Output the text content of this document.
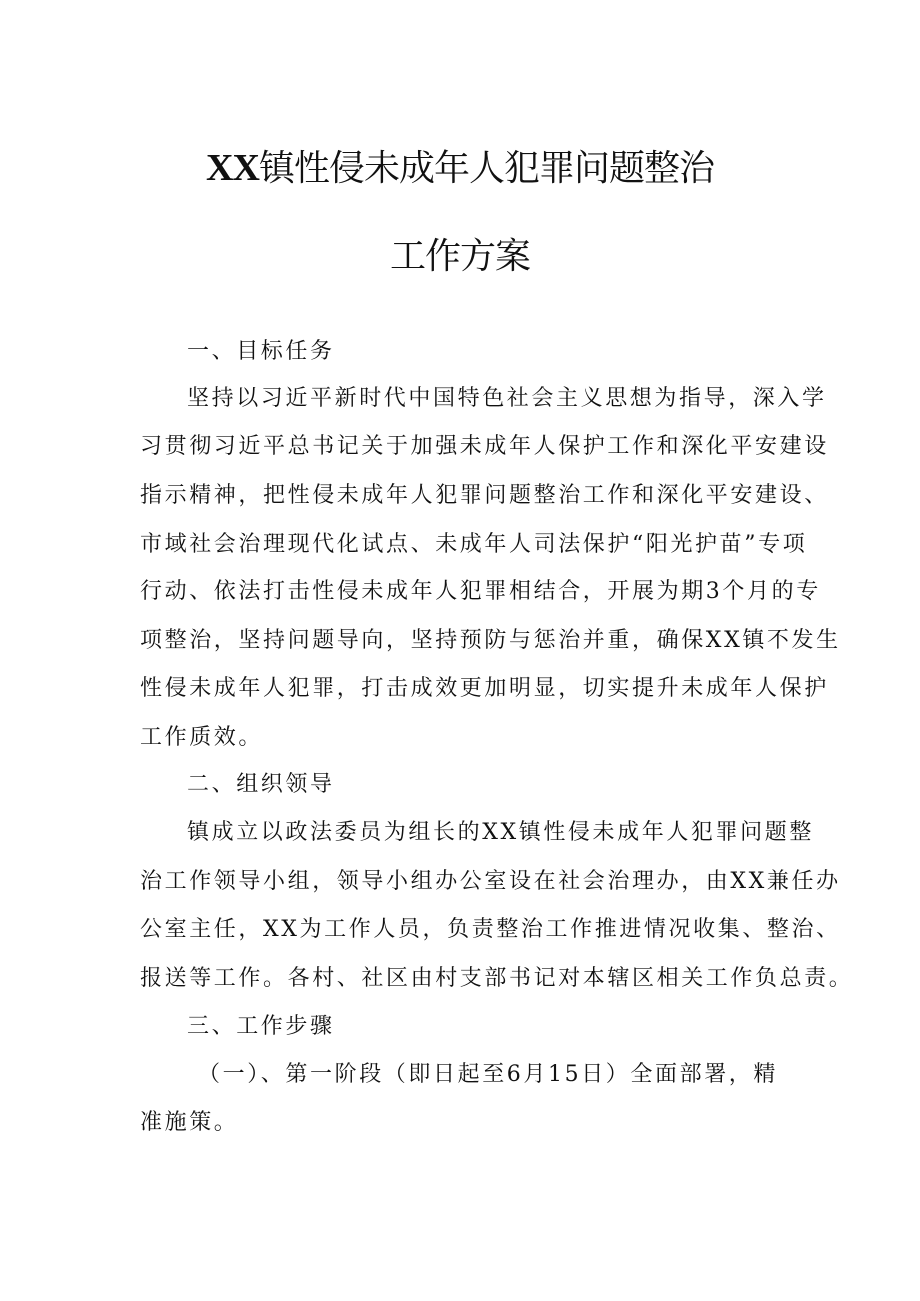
XX镇性侵未成年人犯罪问题整治
工作方案
一、目标任务
坚持以习近平新时代中国特色社会主义思想为指导，深入学
习贯彻习近平总书记关于加强未成年人保护工作和深化平安建设
指示精神，把性侵未成年人犯罪问题整治工作和深化平安建设、
市域社会治理现代化试点、未成年人司法保护“阳光护苗”专项
行动、依法打击性侵未成年人犯罪相结合，开展为期3个月的专
项整治，坚持问题导向，坚持预防与惩治并重，确保XX镇不发生
性侵未成年人犯罪，打击成效更加明显，切实提升未成年人保护
工作质效。
二、组织领导
镇成立以政法委员为组长的XX镇性侵未成年人犯罪问题整
治工作领导小组，领导小组办公室设在社会治理办，由XX兼任办
公室主任，XX为工作人员，负责整治工作推进情况收集、整治、
报送等工作。各村、社区由村支部书记对本辖区相关工作负总责。
三、工作步骤
（一）、第一阶段（即日起至6月15日）全面部署，精
准施策。
